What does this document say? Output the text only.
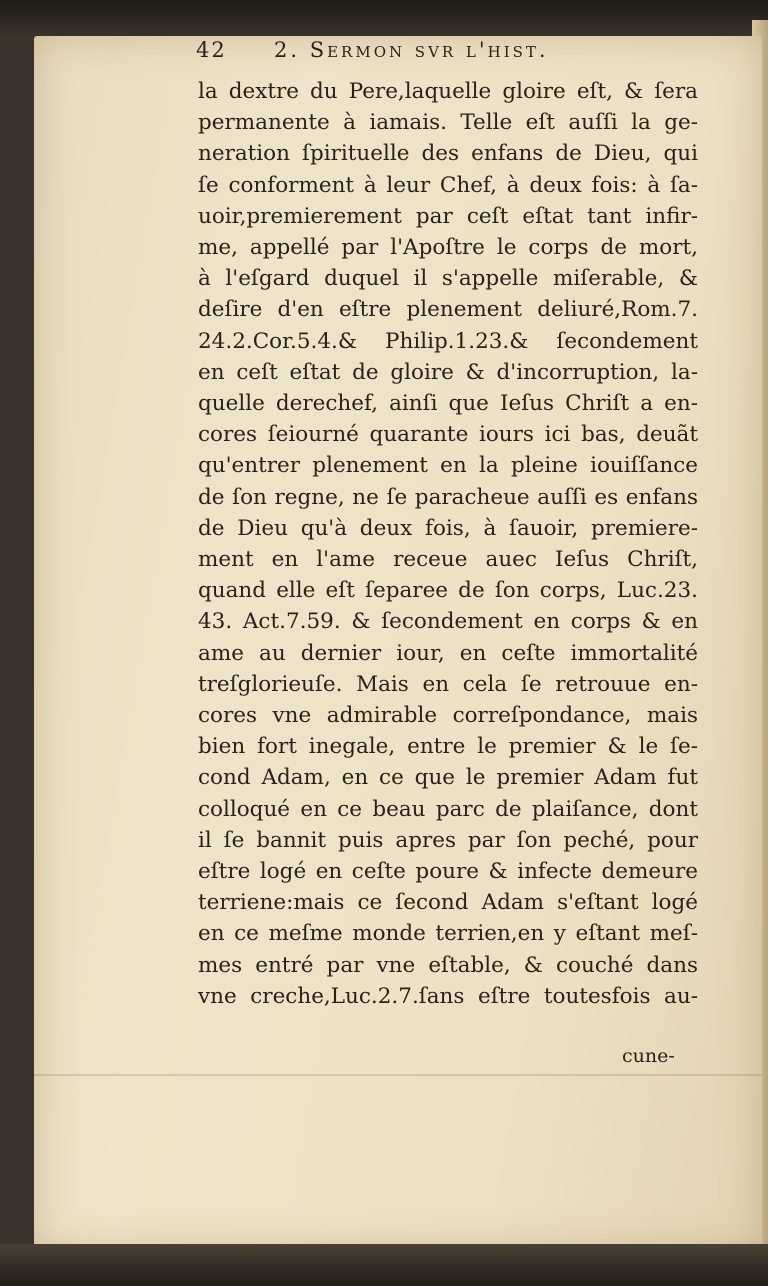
42 2. Sermon svr l'hist.
la dextre du Pere,laquelle gloire eſt, & ſera
permanente à iamais. Telle eſt auſſi la ge-
neration ſpirituelle des enfans de Dieu, qui
ſe conforment à leur Chef, à deux fois: à ſa-
uoir,premierement par ceſt eſtat tant infir-
me, appellé par l'Apoſtre le corps de mort,
à l'eſgard duquel il s'appelle miſerable, &
deſire d'en eſtre plenement deliuré,Rom.7.
24.2.Cor.5.4.& Philip.1.23.& ſecondement
en ceſt eſtat de gloire & d'incorruption, la-
quelle derechef, ainſi que Ieſus Chriſt a en-
cores ſeiourné quarante iours ici bas, deuãt
qu'entrer plenement en la pleine iouiſſance
de ſon regne, ne ſe paracheue auſſi es enfans
de Dieu qu'à deux fois, à ſauoir, premiere-
ment en l'ame receue auec Ieſus Chriſt,
quand elle eſt ſeparee de ſon corps, Luc.23.
43. Act.7.59. & ſecondement en corps & en
ame au dernier iour, en ceſte immortalité
treſglorieuſe. Mais en cela ſe retrouue en-
cores vne admirable correſpondance, mais
bien fort inegale, entre le premier & le ſe-
cond Adam, en ce que le premier Adam fut
colloqué en ce beau parc de plaiſance, dont
il ſe bannit puis apres par ſon peché, pour
eſtre logé en ceſte poure & infecte demeure
terriene:mais ce ſecond Adam s'eſtant logé
en ce meſme monde terrien,en y eſtant meſ-
mes entré par vne eſtable, & couché dans
vne creche,Luc.2.7.ſans eſtre toutesfois au-
cune-
